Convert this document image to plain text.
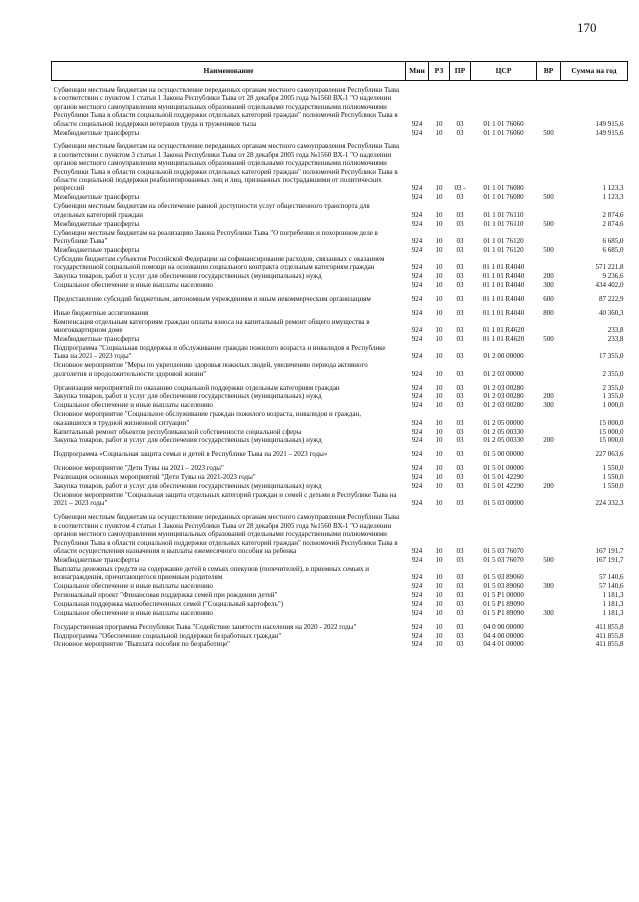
170
Наименование	Мин	РЗ	ПР	ЦСР	ВР	Сумма на год

Субвенции местным бюджетам на осуществление переданных органам местного самоуправления Республики Тыва в соответствии с пунктом 1 статьи 1 Закона Республики Тыва от 28 декабря 2005 года №1560 ВХ-1 "О наделении органов местного самоуправления муниципальных образований отдельными государственными полномочиями Республики Тыва в области социальной поддержки отдельных категорий граждан" полномочий Республики Тыва в области социальной поддержки ветеранов труда и тружеников тыла	924	10	03	01 1 01 76060		149 915,6
Межбюджетные трансферты	924	10	03	01 1 01 76060	500	149 915,6

Субвенции местным бюджетам на осуществление переданных органам местного самоуправления Республики Тыва в соответствии с пунктом 3 статьи 1 Закона Республики Тыва от 28 декабря 2005 года №1560 ВХ-1 "О наделении органов местного самоуправления муниципальных образований отдельными государственными полномочиями Республики Тыва в области социальной поддержки отдельных категорий граждан" полномочий Республики Тыва в области социальной поддержки реабилитированных лиц и лиц, признанных пострадавшими от политических репрессий	924	10	03 -	01 1 01 76080		1 123,3
Межбюджетные трансферты	924	10	03	01 1 01 76080	500	1 123,3
Субвенции местным бюджетам на обеспечение равной доступности услуг общественного транспорта для отдельных категорий граждан	924	10	03	01 1 01 76110		2 874,6
Межбюджетные трансферты	924	10	03	01 1 01 76110	500	2 874,6
Субвенции местным бюджетам на реализацию Закона Республики Тыва "О погребении и похоронном деле в Республике Тыва"	924	10	03	01 1 01 76120		6 685,0
Межбюджетные трансферты	924	10	03	01 1 01 76120	500	6 685,0
Субсидии бюджетам субъектов Российской Федерации на софинансирование расходов, связанных с оказанием государственной социальной помощи на основании социального контракта отдельным категориям граждан	924	10	03	01 1 01 R4040		571 221,8
Закупка товаров, работ и услуг для обеспечения государственных (муниципальных) нужд	924	10	03	01 1 01 R4040	200	9 236,6
Социальное обеспечение и иные выплаты населению	924	10	03	01 1 01 R4040	300	434 402,0

Предоставление субсидий бюджетным, автономным учреждениям и иным некоммерческим организациям	924	10	03	01 1 01 R4040	600	87 222,9

Иные бюджетные ассигнования	924	10	03	01 1 01 R4040	800	40 360,3
Компенсация отдельным категориям граждан оплаты взноса на капитальный ремонт общего имущества в многоквартирном доме	924	10	03	01 1 01 R4620		233,8
Межбюджетные трансферты	924	10	03	01 1 01 R4620	500	233,8
Подпрограмма "Социальная поддержка и обслуживание граждан пожилого возраста и инвалидов в Республике Тыва на 2021 - 2023 годы"	924	10	03	01 2 00 00000		17 355,0
Основное мероприятие "Меры по укреплению здоровья пожилых людей, увеличению периода активного долголетия и продолжительности здоровой жизни"	924	10	03	01 2 03 00000		2 355,0

Организация мероприятий по оказанию социальной поддержки отдельным категориям граждан	924	10	03	01 2 03 00280		2 355,0
Закупка товаров, работ и услуг для обеспечения государственных (муниципальных) нужд	924	10	03	01 2 03 00280	200	1 355,0
Социальное обеспечение и иные выплаты населению	924	10	03	01 2 03 00280	300	1 000,0
Основное мероприятие "Социальное обслуживание граждан пожилого возраста, инвалидов и граждан, оказавшихся в трудной жизненной ситуации"	924	10	03	01 2 05 00000		15 000,0
Капитальный ремонт объектов республиканской собственности социальной сферы	924	10	03	01 2 05 00330		15 000,0
Закупка товаров, работ и услуг для обеспечения государственных (муниципальных) нужд	924	10	03	01 2 05 00330	200	15 000,0

Подпрограмма «Социальная защита семьи и детей в Республике Тыва на 2021 – 2023 годы»	924	10	03	01 5 00 00000		227 063,6

Основное мероприятие "Дети Тувы на 2021 – 2023 годы"	924	10	03	01 5 01 00000		1 550,0
Реализация основных мероприятий "Дети Тувы на 2021-2023 годы"	924	10	03	01 5 01 42290		1 550,0
Закупка товаров, работ и услуг для обеспечения государственных (муниципальных) нужд	924	10	03	01 5 01 42290	200	1 550,0
Основное мероприятие "Социальная защита отдельных категорий граждан и семей с детьми в Республике Тыва на 2021 – 2023 годы"	924	10	03	01 5 03 00000		224 332,3

Субвенции местным бюджетам на осуществление переданных органам местного самоуправления Республики Тыва в соответствии с пунктом 4 статьи 1 Закона Республики Тыва от 28 декабря 2005 года №1560 ВХ-1 "О наделении органов местного самоуправления муниципальных образований отдельными государственными полномочиями Республики Тыва в области социальной поддержки отдельных категорий граждан" полномочий Республики Тыва в области осуществления назначения и выплаты ежемесячного пособия на ребенка	924	10	03	01 5 03 76070		167 191,7
Межбюджетные трансферты	924	10	03	01 5 03 76070	500	167 191,7
Выплаты денежных средств на содержание детей в семьях опекунов (попечителей), в приемных семьях и вознаграждения, причитающегося приемным родителям	924	10	03	01 5 03 89060		57 140,6
Социальное обеспечение и иные выплаты населению	924	10	03	01 5 03 89060	300	57 140,6
Региональный проект "Финансовая поддержка семей при рождении детей"	924	10	03	01 5 P1 00000		1 181,3
Социальная поддержка малообеспеченных семей ("Социальный картофель")	924	10	03	01 5 P1 89090		1 181,3
Социальное обеспечение и иные выплаты населению	924	10	03	01 5 P1 89090	300	1 181,3

Государственная программа Республики Тыва "Содействие занятости населения на 2020 - 2022 годы"	924	10	03	04 0 00 00000		411 855,8
Подпрограмма "Обеспечение социальной поддержки безработных граждан"	924	10	03	04 4 00 00000		411 855,8
Основное мероприятие "Выплата пособия по безработице"	924	10	03	04 4 01 00000		411 855,8
